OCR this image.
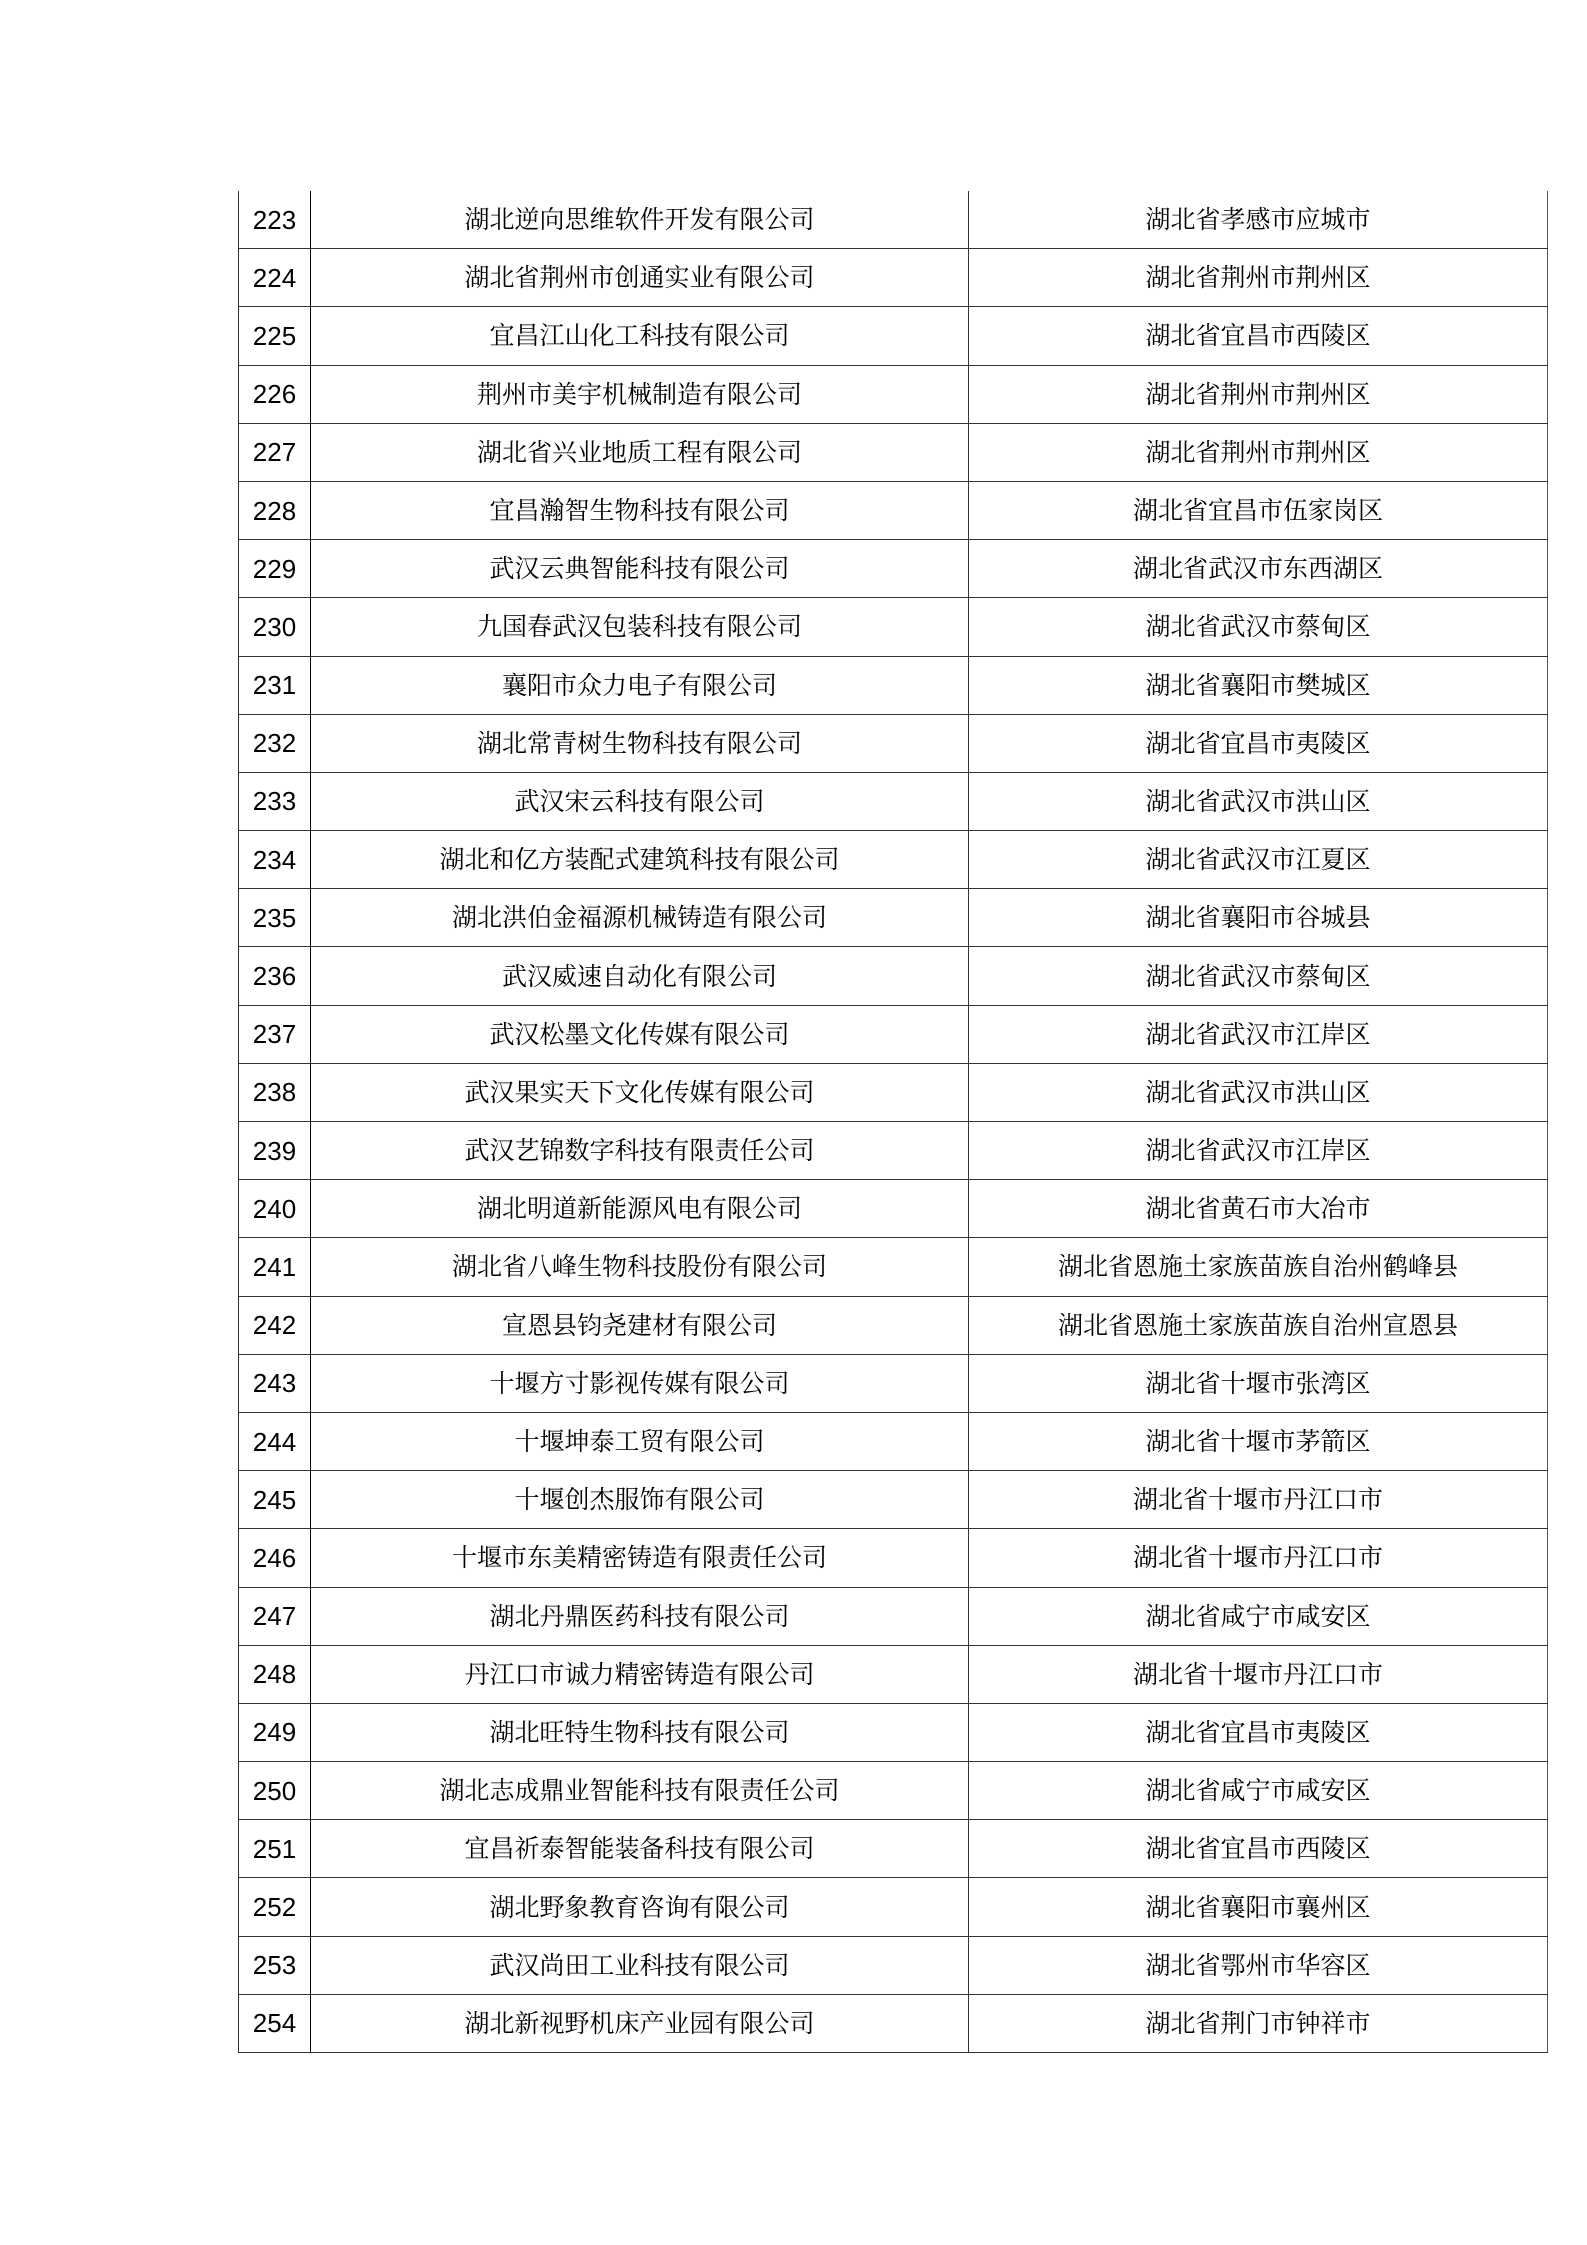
223	湖北逆向思维软件开发有限公司	湖北省孝感市应城市
224	湖北省荆州市创通实业有限公司	湖北省荆州市荆州区
225	宜昌江山化工科技有限公司	湖北省宜昌市西陵区
226	荆州市美宇机械制造有限公司	湖北省荆州市荆州区
227	湖北省兴业地质工程有限公司	湖北省荆州市荆州区
228	宜昌瀚智生物科技有限公司	湖北省宜昌市伍家岗区
229	武汉云典智能科技有限公司	湖北省武汉市东西湖区
230	九国春武汉包装科技有限公司	湖北省武汉市蔡甸区
231	襄阳市众力电子有限公司	湖北省襄阳市樊城区
232	湖北常青树生物科技有限公司	湖北省宜昌市夷陵区
233	武汉宋云科技有限公司	湖北省武汉市洪山区
234	湖北和亿方装配式建筑科技有限公司	湖北省武汉市江夏区
235	湖北洪伯金福源机械铸造有限公司	湖北省襄阳市谷城县
236	武汉威速自动化有限公司	湖北省武汉市蔡甸区
237	武汉松墨文化传媒有限公司	湖北省武汉市江岸区
238	武汉果实天下文化传媒有限公司	湖北省武汉市洪山区
239	武汉艺锦数字科技有限责任公司	湖北省武汉市江岸区
240	湖北明道新能源风电有限公司	湖北省黄石市大冶市
241	湖北省八峰生物科技股份有限公司	湖北省恩施土家族苗族自治州鹤峰县
242	宣恩县钧尧建材有限公司	湖北省恩施土家族苗族自治州宣恩县
243	十堰方寸影视传媒有限公司	湖北省十堰市张湾区
244	十堰坤泰工贸有限公司	湖北省十堰市茅箭区
245	十堰创杰服饰有限公司	湖北省十堰市丹江口市
246	十堰市东美精密铸造有限责任公司	湖北省十堰市丹江口市
247	湖北丹鼎医药科技有限公司	湖北省咸宁市咸安区
248	丹江口市诚力精密铸造有限公司	湖北省十堰市丹江口市
249	湖北旺特生物科技有限公司	湖北省宜昌市夷陵区
250	湖北志成鼎业智能科技有限责任公司	湖北省咸宁市咸安区
251	宜昌祈泰智能装备科技有限公司	湖北省宜昌市西陵区
252	湖北野象教育咨询有限公司	湖北省襄阳市襄州区
253	武汉尚田工业科技有限公司	湖北省鄂州市华容区
254	湖北新视野机床产业园有限公司	湖北省荆门市钟祥市
